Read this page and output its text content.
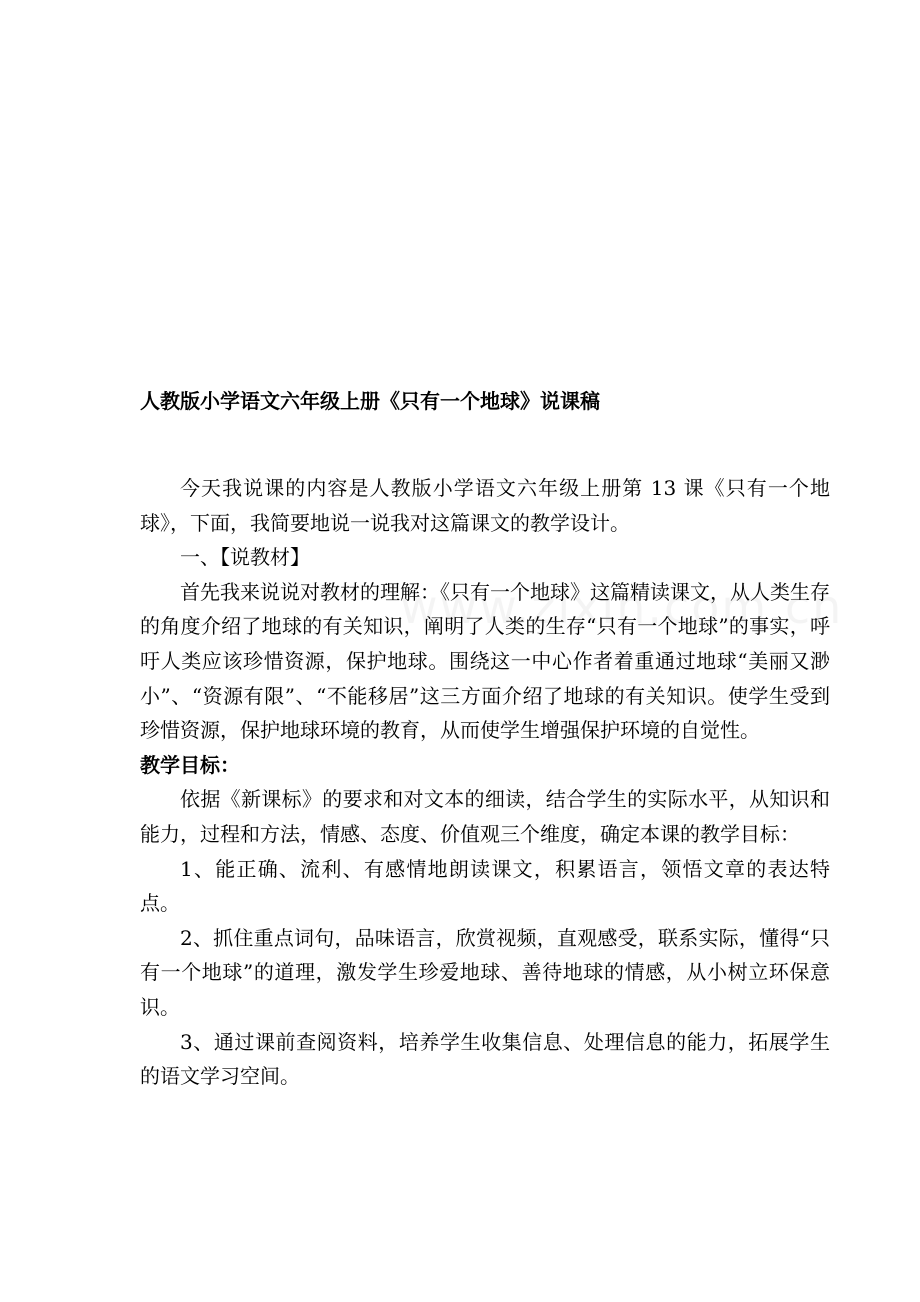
人教版小学语文六年级上册《只有一个地球》说课稿

今天我说课的内容是人教版小学语文六年级上册第 13 课《只有一个地球》，下面，我简要地说一说我对这篇课文的教学设计。

一、【说教材】

首先我来说说对教材的理解：《只有一个地球》这篇精读课文，从人类生存的角度介绍了地球的有关知识，阐明了人类的生存“只有一个地球”的事实，呼吁人类应该珍惜资源，保护地球。围绕这一中心作者着重通过地球“美丽又渺小”、“资源有限”、“不能移居”这三方面介绍了地球的有关知识。使学生受到珍惜资源，保护地球环境的教育，从而使学生增强保护环境的自觉性。

教学目标：

依据《新课标》的要求和对文本的细读，结合学生的实际水平，从知识和能力，过程和方法，情感、态度、价值观三个维度，确定本课的教学目标：

1、能正确、流利、有感情地朗读课文，积累语言，领悟文章的表达特点。

2、抓住重点词句，品味语言，欣赏视频，直观感受，联系实际，懂得“只有一个地球”的道理，激发学生珍爱地球、善待地球的情感，从小树立环保意识。

3、通过课前查阅资料，培养学生收集信息、处理信息的能力，拓展学生的语文学习空间。
